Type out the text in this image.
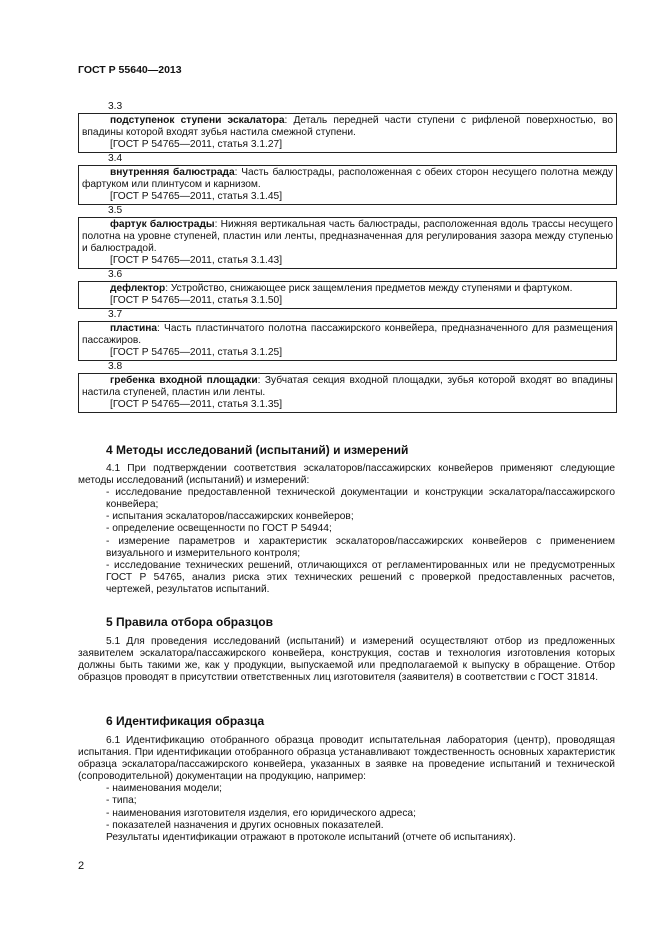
ГОСТ Р 55640—2013
3.3

подступенок ступени эскалатора: Деталь передней части ступени с рифленой поверхностью, во впадины которой входят зубья настила смежной ступени.

[ГОСТ Р 54765—2011, статья 3.1.27]

3.4

внутренняя балюстрада: Часть балюстрады, расположенная с обеих сторон несущего полотна между фартуком или плинтусом и карнизом.

[ГОСТ Р 54765—2011, статья 3.1.45]

3.5

фартук балюстрады: Нижняя вертикальная часть балюстрады, расположенная вдоль трассы несущего полотна на уровне ступеней, пластин или ленты, предназначенная для регулирования зазора между ступенью и балюстрадой.

[ГОСТ Р 54765—2011, статья 3.1.43]

3.6

дефлектор: Устройство, снижающее риск защемления предметов между ступенями и фартуком.

[ГОСТ Р 54765—2011, статья 3.1.50]

3.7

пластина: Часть пластинчатого полотна пассажирского конвейера, предназначенного для размещения пассажиров.

[ГОСТ Р 54765—2011, статья 3.1.25]

3.8

гребенка входной площадки: Зубчатая секция входной площадки, зубья которой входят во впадины настила ступеней, пластин или ленты.

[ГОСТ Р 54765—2011, статья 3.1.35]

4 Методы исследований (испытаний) и измерений

4.1 При подтверждении соответствия эскалаторов/пассажирских конвейеров применяют следующие методы исследований (испытаний) и измерений:

- исследование предоставленной технической документации и конструкции эскалатора/пассажирского конвейера;

- испытания эскалаторов/пассажирских конвейеров;

- определение освещенности по ГОСТ Р 54944;

- измерение параметров и характеристик эскалаторов/пассажирских конвейеров с применением визуального и измерительного контроля;

- исследование технических решений, отличающихся от регламентированных или не предусмотренных ГОСТ Р 54765, анализ риска этих технических решений с проверкой предоставленных расчетов, чертежей, результатов испытаний.

5 Правила отбора образцов

5.1 Для проведения исследований (испытаний) и измерений осуществляют отбор из предложенных заявителем эскалатора/пассажирского конвейера, конструкция, состав и технология изготовления которых должны быть такими же, как у продукции, выпускаемой или предполагаемой к выпуску в обращение. Отбор образцов проводят в присутствии ответственных лиц изготовителя (заявителя) в соответствии с ГОСТ 31814.

6 Идентификация образца

6.1 Идентификацию отобранного образца проводит испытательная лаборатория (центр), проводящая испытания. При идентификации отобранного образца устанавливают тождественность основных характеристик образца эскалатора/пассажирского конвейера, указанных в заявке на проведение испытаний и технической (сопроводительной) документации на продукцию, например:

- наименования модели;

- типа;

- наименования изготовителя изделия, его юридического адреса;

- показателей назначения и других основных показателей.

Результаты идентификации отражают в протоколе испытаний (отчете об испытаниях).

2
